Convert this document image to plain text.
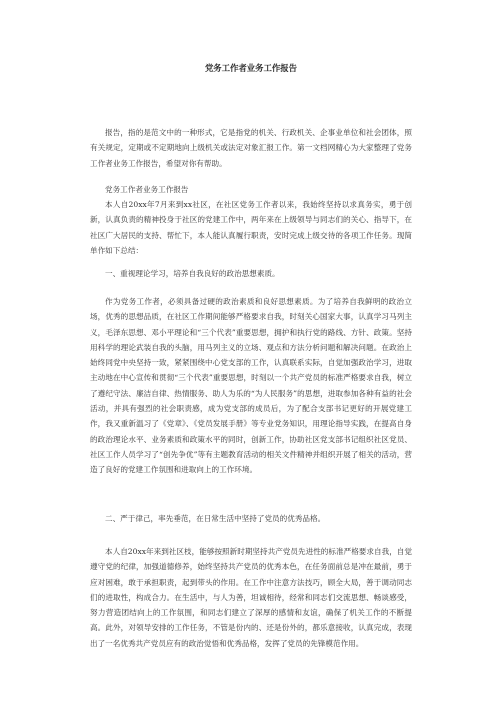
党务工作者业务工作报告

报告，指的是范文中的一种形式，它是指党的机关、行政机关、企事业单位和社会团体，照有关规定，定期或不定期地向上级机关或法定对象汇报工作。第一文档网精心为大家整理了党务工作者业务工作报告，希望对你有帮助。

党务工作者业务工作报告

本人自20xx年7月来到xx社区，在社区党务工作者以来，我始终坚持以求真务实，勇于创新，认真负责的精神投身于社区的党建工作中，两年来在上级领导与同志们的关心、指导下，在社区广大居民的支持、帮忙下，本人能认真履行职责，安时完成上级交待的各项工作任务。现简单作如下总结：

一、重视理论学习，培养自我良好的政治思想素质。

作为党务工作者，必须具备过硬的政治素质和良好思想素质。为了培养自我鲜明的政治立场，优秀的思想品质，在社区工作期间能够严格要求自我，时刻关心国家大事，认真学习马列主义，毛泽东思想、邓小平理论和“三个代表”重要思想，拥护和执行党的路线、方针、政策。坚持用科学的理论武装自我的头脑，用马列主义的立场、观点和方法分析问题和解决问题。在政治上始终同党中央坚持一致，紧紧围绕中心党支部的工作，认真联系实际，自觉加强政治学习，进取主动地在中心宣传和贯彻“三个代表”重要思想，时刻以一个共产党员的标准严格要求自我，树立了遵纪守法、廉洁自律、热情服务、助人为乐的“为人民服务”的思想，进取参加各种有益的社会活动，并具有强烈的社会职责感，成为党支部的成员后，为了配合支部书记更好的开展党建工作，我又重新温习了《党章》、《党员发展手册》等专业党务知识，用理论指导实践，在提高自身的政治理论水平、业务素质和政策水平的同时，创新工作，协助社区党支部书记组织社区党员、社区工作人员学习了“创先争优”等有主题教育活动的相关文件精神并组织开展了相关的活动，营造了良好的党建工作氛围和进取向上的工作环境。

二、严于律己，率先垂范，在日常生活中坚持了党员的优秀品格。

本人自20xx年来到社区枝，能够按照新时期坚持共产党员先进性的标准严格要求自我，自觉遵守党的纪律，加强道德修养，始终坚持共产党员的优秀本色，在任务面前总是冲在最前，勇于应对困难，敢于承担职责，起到带头的作用。在工作中注意方法技巧，顾全大局，善于调动同志们的进取性，构成合力。在生活中，与人为善，坦诚相待，经常和同志们交流思想、畅谈感受，努力营造团结向上的工作氛围，和同志们建立了深厚的感情和友谊，确保了机关工作的不断提高。此外，对领导安排的工作任务，不管是份内的、还是份外的，都乐意接收，认真完成，表现出了一名优秀共产党员应有的政治觉悟和优秀品格，发挥了党员的先锋模范作用。
